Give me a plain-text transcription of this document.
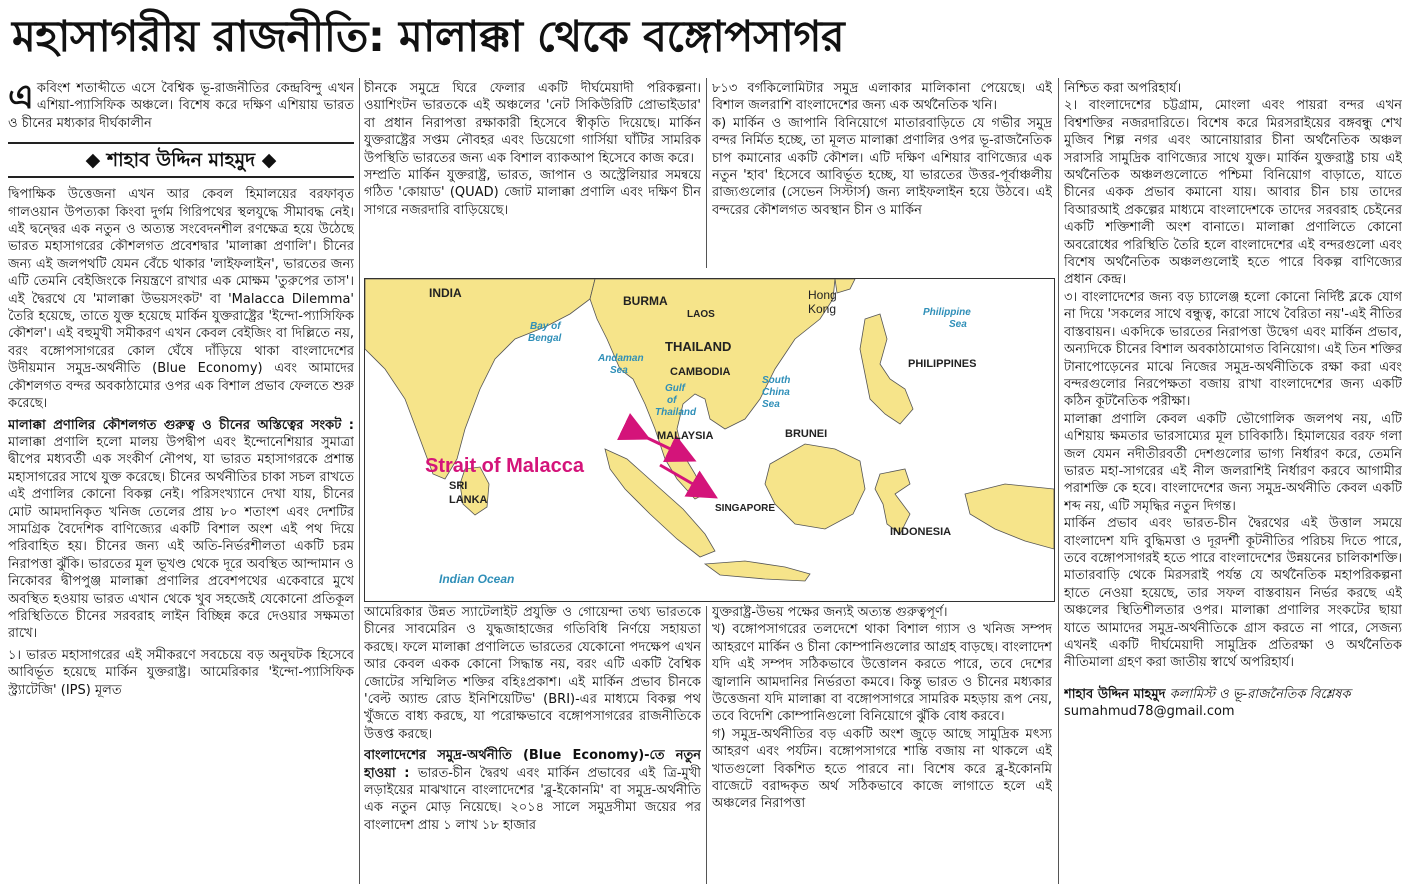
মহাসাগরীয় রাজনীতি: মালাক্কা থেকে বঙ্গোপসাগর

একবিংশ শতাব্দীতে এসে বৈশ্বিক ভূ-রাজনীতির কেন্দ্রবিন্দু এখন এশিয়া-প্যাসিফিক অঞ্চলে। বিশেষ করে দক্ষিণ এশিয়ায় ভারত ও চীনের মধ্যকার দীর্ঘকালীন

◆ শাহাব উদ্দিন মাহমুদ ◆

দ্বিপাক্ষিক উত্তেজনা এখন আর কেবল হিমালয়ের বরফাবৃত গালওয়ান উপত্যকা কিংবা দুর্গম গিরিপথের স্থলযুদ্ধে সীমাবদ্ধ নেই। এই দ্বন্দ্বের এক নতুন ও অত্যন্ত সংবেদনশীল রণক্ষেত্র হয়ে উঠেছে ভারত মহাসাগরের কৌশলগত প্রবেশদ্বার 'মালাক্কা প্রণালি'। চীনের জন্য এই জলপথটি যেমন বেঁচে থাকার 'লাইফলাইন', ভারতের জন্য এটি তেমনি বেইজিংকে নিয়ন্ত্রণে রাখার এক মোক্ষম 'তুরুপের তাস'। এই দ্বৈরথে যে 'মালাক্কা উভয়সংকট' বা 'Malacca Dilemma' তৈরি হয়েছে, তাতে যুক্ত হয়েছে মার্কিন যুক্তরাষ্ট্রের 'ইন্দো-প্যাসিফিক কৌশল'। এই বহুমুখী সমীকরণ এখন কেবল বেইজিং বা দিল্লিতে নয়, বরং বঙ্গোপসাগরের কোল ঘেঁষে দাঁড়িয়ে থাকা বাংলাদেশের উদীয়মান সমুদ্র-অর্থনীতি (Blue Economy) এবং আমাদের কৌশলগত বন্দর অবকাঠামোর ওপর এক বিশাল প্রভাব ফেলতে শুরু করেছে।

মালাক্কা প্রণালির কৌশলগত গুরুত্ব ও চীনের অস্তিত্বের সংকট : মালাক্কা প্রণালি হলো মালয় উপদ্বীপ এবং ইন্দোনেশিয়ার সুমাত্রা দ্বীপের মধ্যবর্তী এক সংকীর্ণ নৌপথ, যা ভারত মহাসাগরকে প্রশান্ত মহাসাগরের সাথে যুক্ত করেছে। চীনের অর্থনীতির চাকা সচল রাখতে এই প্রণালির কোনো বিকল্প নেই। পরিসংখ্যানে দেখা যায়, চীনের মোট আমদানিকৃত খনিজ তেলের প্রায় ৮০ শতাংশ এবং দেশটির সামগ্রিক বৈদেশিক বাণিজ্যের একটি বিশাল অংশ এই পথ দিয়ে পরিবাহিত হয়। চীনের জন্য এই অতি-নির্ভরশীলতা একটি চরম নিরাপত্তা ঝুঁকি। ভারতের মূল ভূখণ্ড থেকে দূরে অবস্থিত আন্দামান ও নিকোবর দ্বীপপুঞ্জ মালাক্কা প্রণালির প্রবেশপথের একেবারে মুখে অবস্থিত হওয়ায় ভারত এখান থেকে খুব সহজেই যেকোনো প্রতিকূল পরিস্থিতিতে চীনের সরবরাহ লাইন বিচ্ছিন্ন করে দেওয়ার সক্ষমতা রাখে।

১। ভারত মহাসাগরের এই সমীকরণে সবচেয়ে বড় অনুঘটক হিসেবে আবির্ভূত হয়েছে মার্কিন যুক্তরাষ্ট্র। আমেরিকার 'ইন্দো-প্যাসিফিক স্ট্র্যাটেজি' (IPS) মূলত

চীনকে সমুদ্রে ঘিরে ফেলার একটি দীর্ঘমেয়াদী পরিকল্পনা। ওয়াশিংটন ভারতকে এই অঞ্চলের 'নেট সিকিউরিটি প্রোভাইডার' বা প্রধান নিরাপত্তা রক্ষাকারী হিসেবে স্বীকৃতি দিয়েছে। মার্কিন যুক্তরাষ্ট্রের সপ্তম নৌবহর এবং ডিয়েগো গার্সিয়া ঘাঁটির সামরিক উপস্থিতি ভারতের জন্য এক বিশাল ব্যাকআপ হিসেবে কাজ করে।

সম্প্রতি মার্কিন যুক্তরাষ্ট্র, ভারত, জাপান ও অস্ট্রেলিয়ার সমন্বয়ে গঠিত 'কোয়াড' (QUAD) জোট মালাক্কা প্রণালি এবং দক্ষিণ চীন সাগরে নজরদারি বাড়িয়েছে।

৮১৩ বর্গকিলোমিটার সমুদ্র এলাকার মালিকানা পেয়েছে। এই বিশাল জলরাশি বাংলাদেশের জন্য এক অর্থনৈতিক খনি।

ক) মার্কিন ও জাপানি বিনিয়োগে মাতারবাড়িতে যে গভীর সমুদ্র বন্দর নির্মিত হচ্ছে, তা মূলত মালাক্কা প্রণালির ওপর ভূ-রাজনৈতিক চাপ কমানোর একটি কৌশল। এটি দক্ষিণ এশিয়ার বাণিজ্যের এক নতুন 'হাব' হিসেবে আবির্ভূত হচ্ছে, যা ভারতের উত্তর-পূর্বাঞ্চলীয় রাজ্যগুলোর (সেভেন সিস্টার্স) জন্য লাইফলাইন হয়ে উঠবে। এই বন্দরের কৌশলগত অবস্থান চীন ও মার্কিন

INDIA
BURMA
LAOS
Hong
Kong
THAILAND
CAMBODIA
PHILIPPINES
SRI
LANKA
MALAYSIA	BRUNEI
SINGAPORE
INDONESIA
Bay of
Bengal
Philippine
Sea
Andaman
Sea
South
China
Sea
Gulf
of
Thailand
Indian Ocean
Strait of Malacca

আমেরিকার উন্নত স্যাটেলাইট প্রযুক্তি ও গোয়েন্দা তথ্য ভারতকে চীনের সাবমেরিন ও যুদ্ধজাহাজের গতিবিধি নির্ণয়ে সহায়তা করছে। ফলে মালাক্কা প্রণালিতে ভারতের যেকোনো পদক্ষেপ এখন আর কেবল একক কোনো সিদ্ধান্ত নয়, বরং এটি একটি বৈশ্বিক জোটের সম্মিলিত শক্তির বহিঃপ্রকাশ। এই মার্কিন প্রভাব চীনকে 'বেল্ট অ্যান্ড রোড ইনিশিয়েটিভ' (BRI)-এর মাধ্যমে বিকল্প পথ খুঁজতে বাধ্য করছে, যা পরোক্ষভাবে বঙ্গোপসাগরের রাজনীতিকে উত্তপ্ত করছে।

বাংলাদেশের সমুদ্র-অর্থনীতি (Blue Economy)-তে নতুন হাওয়া : ভারত-চীন দ্বৈরথ এবং মার্কিন প্রভাবের এই ত্রি-মুখী লড়াইয়ের মাঝখানে বাংলাদেশের 'ব্লু-ইকোনমি' বা সমুদ্র-অর্থনীতি এক নতুন মোড় নিয়েছে। ২০১৪ সালে সমুদ্রসীমা জয়ের পর বাংলাদেশ প্রায় ১ লাখ ১৮ হাজার

যুক্তরাষ্ট্র-উভয় পক্ষের জন্যই অত্যন্ত গুরুত্বপূর্ণ।

খ) বঙ্গোপসাগরের তলদেশে থাকা বিশাল গ্যাস ও খনিজ সম্পদ আহরণে মার্কিন ও চীনা কোম্পানিগুলোর আগ্রহ বাড়ছে। বাংলাদেশ যদি এই সম্পদ সঠিকভাবে উত্তোলন করতে পারে, তবে দেশের জ্বালানি আমদানির নির্ভরতা কমবে। কিন্তু ভারত ও চীনের মধ্যকার উত্তেজনা যদি মালাক্কা বা বঙ্গোপসাগরে সামরিক মহড়ায় রূপ নেয়, তবে বিদেশি কোম্পানিগুলো বিনিয়োগে ঝুঁকি বোধ করবে।

গ) সমুদ্র-অর্থনীতির বড় একটি অংশ জুড়ে আছে সামুদ্রিক মৎস্য আহরণ এবং পর্যটন। বঙ্গোপসাগরে শান্তি বজায় না থাকলে এই খাতগুলো বিকশিত হতে পারবে না। বিশেষ করে ব্লু-ইকোনমি বাজেটে বরাদ্দকৃত অর্থ সঠিকভাবে কাজে লাগাতে হলে এই অঞ্চলের নিরাপত্তা

নিশ্চিত করা অপরিহার্য।

২। বাংলাদেশের চট্টগ্রাম, মোংলা এবং পায়রা বন্দর এখন বিশ্বশক্তির নজরদারিতে। বিশেষ করে মিরসরাইয়ের বঙ্গবন্ধু শেখ মুজিব শিল্প নগর এবং আনোয়ারার চীনা অর্থনৈতিক অঞ্চল সরাসরি সামুদ্রিক বাণিজ্যের সাথে যুক্ত। মার্কিন যুক্তরাষ্ট্র চায় এই অর্থনৈতিক অঞ্চলগুলোতে পশ্চিমা বিনিয়োগ বাড়াতে, যাতে চীনের একক প্রভাব কমানো যায়। আবার চীন চায় তাদের বিআরআই প্রকল্পের মাধ্যমে বাংলাদেশকে তাদের সরবরাহ চেইনের একটি শক্তিশালী অংশ বানাতে। মালাক্কা প্রণালিতে কোনো অবরোধের পরিস্থিতি তৈরি হলে বাংলাদেশের এই বন্দরগুলো এবং বিশেষ অর্থনৈতিক অঞ্চলগুলোই হতে পারে বিকল্প বাণিজ্যের প্রধান কেন্দ্র।

৩। বাংলাদেশের জন্য বড় চ্যালেঞ্জ হলো কোনো নির্দিষ্ট ব্লকে যোগ না দিয়ে 'সকলের সাথে বন্ধুত্ব, কারো সাথে বৈরিতা নয়'-এই নীতির বাস্তবায়ন। একদিকে ভারতের নিরাপত্তা উদ্বেগ এবং মার্কিন প্রভাব, অন্যদিকে চীনের বিশাল অবকাঠামোগত বিনিয়োগ। এই তিন শক্তির টানাপোড়েনের মাঝে নিজের সমুদ্র-অর্থনীতিকে রক্ষা করা এবং বন্দরগুলোর নিরপেক্ষতা বজায় রাখা বাংলাদেশের জন্য একটি কঠিন কূটনৈতিক পরীক্ষা।

মালাক্কা প্রণালি কেবল একটি ভৌগোলিক জলপথ নয়, এটি এশিয়ায় ক্ষমতার ভারসাম্যের মূল চাবিকাঠি। হিমালয়ের বরফ গলা জল যেমন নদীতীরবর্তী দেশগুলোর ভাগ্য নির্ধারণ করে, তেমনি ভারত মহা-সাগরের এই নীল জলরাশিই নির্ধারণ করবে আগামীর পরাশক্তি কে হবে। বাংলাদেশের জন্য সমুদ্র-অর্থনীতি কেবল একটি শব্দ নয়, এটি সমৃদ্ধির নতুন দিগন্ত।

মার্কিন প্রভাব এবং ভারত-চীন দ্বৈরথের এই উত্তাল সময়ে বাংলাদেশ যদি বুদ্ধিমত্তা ও দূরদর্শী কূটনীতির পরিচয় দিতে পারে, তবে বঙ্গোপসাগরই হতে পারে বাংলাদেশের উন্নয়নের চালিকাশক্তি। মাতারবাড়ি থেকে মিরসরাই পর্যন্ত যে অর্থনৈতিক মহাপরিকল্পনা হাতে নেওয়া হয়েছে, তার সফল বাস্তবায়ন নির্ভর করছে এই অঞ্চলের স্থিতিশীলতার ওপর। মালাক্কা প্রণালির সংকটের ছায়া যাতে আমাদের সমুদ্র-অর্থনীতিকে গ্রাস করতে না পারে, সেজন্য এখনই একটি দীর্ঘমেয়াদী সামুদ্রিক প্রতিরক্ষা ও অর্থনৈতিক নীতিমালা গ্রহণ করা জাতীয় স্বার্থে অপরিহার্য।

শাহাব উদ্দিন মাহমুদ কলামিস্ট ও ভূ-রাজনৈতিক বিশ্লেষক sumahmud78@gmail.com
